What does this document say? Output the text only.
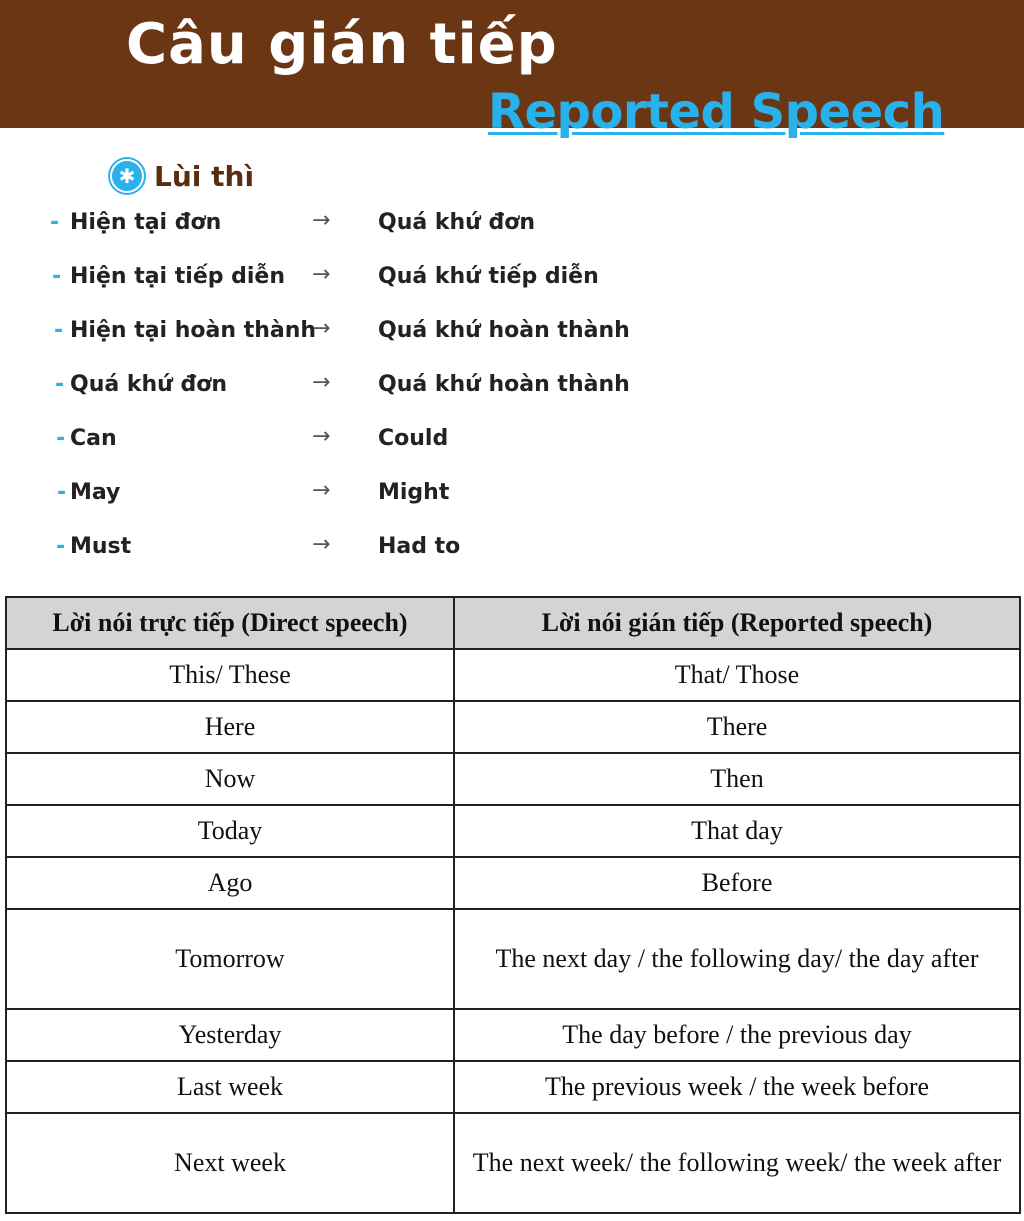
Câu gián tiếp
Reported Speech
✱ Lùi thì
- Hiện tại đơn	→ Quá khứ đơn
- Hiện tại tiếp diễn → Quá khứ tiếp diễn
- Hiện tại hoàn thành
→ Quá khứ hoàn thành
- Quá khứ đơn	→ Quá khứ hoàn thành
- Can	→ Could
- May	→ Might
- Must	→ Had to
Lời nói trực tiếp (Direct speech)	Lời nói gián tiếp (Reported speech)
This/ These	That/ Those
Here	There
Now	Then
Today	That day
Ago	Before
Tomorrow	The next day / the following day/ the day after
Yesterday	The day before / the previous day
Last week	The previous week / the week before
Next week	The next week/ the following week/ the week after
